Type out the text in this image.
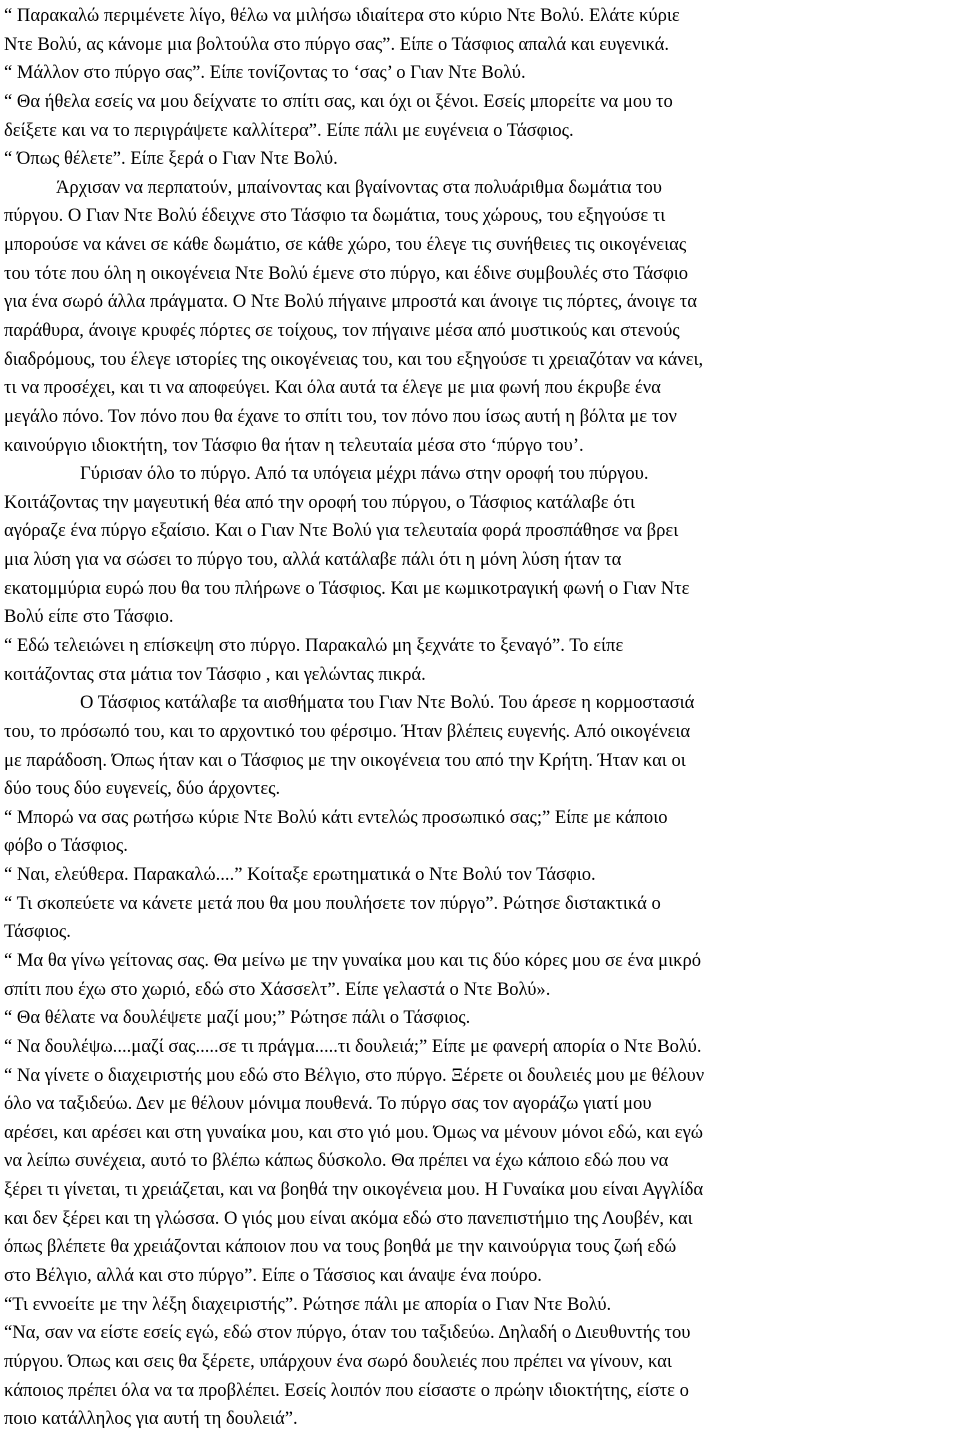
“ Παρακαλώ περιμένετε λίγο, θέλω να μιλήσω ιδιαίτερα στο κύριο Ντε Βολύ. Ελάτε κύριε
Ντε Βολύ, ας κάνομε μια βολτούλα στο πύργο σας”. Είπε ο Τάσφιος απαλά και ευγενικά.
“ Μάλλον στο πύργο σας”. Είπε τονίζοντας το ‘σας’ ο Γιαν Ντε Βολύ.
“ Θα ήθελα εσείς να μου δείχνατε το σπίτι σας, και όχι οι ξένοι. Εσείς μπορείτε να μου το
δείξετε και να το περιγράψετε καλλίτερα”. Είπε πάλι με ευγένεια ο Τάσφιος.
“ Όπως θέλετε”. Είπε ξερά ο Γιαν Ντε Βολύ.
Άρχισαν να περπατούν, μπαίνοντας και βγαίνοντας στα πολυάριθμα δωμάτια του
πύργου. Ο Γιαν Ντε Βολύ έδειχνε στο Τάσφιο τα δωμάτια, τους χώρους, του εξηγούσε τι
μπορούσε να κάνει σε κάθε δωμάτιο, σε κάθε χώρο, του έλεγε τις συνήθειες τις οικογένειας
του τότε που όλη η οικογένεια Ντε Βολύ έμενε στο πύργο, και έδινε συμβουλές στο Τάσφιο
για ένα σωρό άλλα πράγματα. Ο Ντε Βολύ πήγαινε μπροστά και άνοιγε τις πόρτες, άνοιγε τα
παράθυρα, άνοιγε κρυφές πόρτες σε τοίχους, τον πήγαινε μέσα από μυστικούς και στενούς
διαδρόμους, του έλεγε ιστορίες της οικογένειας του, και του εξηγούσε τι χρειαζόταν να κάνει,
τι να προσέχει, και τι να αποφεύγει. Και όλα αυτά τα έλεγε με μια φωνή που έκρυβε ένα
μεγάλο πόνο. Τον πόνο που θα έχανε το σπίτι του, τον πόνο που ίσως αυτή η βόλτα με τον
καινούργιο ιδιοκτήτη, τον Τάσφιο θα ήταν η τελευταία μέσα στο ‘πύργο του’.
Γύρισαν όλο το πύργο. Από τα υπόγεια μέχρι πάνω στην οροφή του πύργου.
Κοιτάζοντας την μαγευτική θέα από την οροφή του πύργου, ο Τάσφιος κατάλαβε ότι
αγόραζε ένα πύργο εξαίσιο. Και ο Γιαν Ντε Βολύ για τελευταία φορά προσπάθησε να βρει
μια λύση για να σώσει το πύργο του, αλλά κατάλαβε πάλι ότι η μόνη λύση ήταν τα
εκατομμύρια ευρώ που θα του πλήρωνε ο Τάσφιος. Και με κωμικοτραγική φωνή ο Γιαν Ντε
Βολύ είπε στο Τάσφιο.
“ Εδώ τελειώνει η επίσκεψη στο πύργο. Παρακαλώ μη ξεχνάτε το ξεναγό”. Το είπε
κοιτάζοντας στα μάτια τον Τάσφιο , και γελώντας πικρά.
Ο Τάσφιος κατάλαβε τα αισθήματα του Γιαν Ντε Βολύ. Του άρεσε η κορμοστασιά
του, το πρόσωπό του, και το αρχοντικό του φέρσιμο. Ήταν βλέπεις ευγενής. Από οικογένεια
με παράδοση. Όπως ήταν και ο Τάσφιος με την οικογένεια του από την Κρήτη. Ήταν και οι
δύο τους δύο ευγενείς, δύο άρχοντες.
“ Μπορώ να σας ρωτήσω κύριε Ντε Βολύ κάτι εντελώς προσωπικό σας;” Είπε με κάποιο
φόβο ο Τάσφιος.
“ Ναι, ελεύθερα. Παρακαλώ....” Κοίταξε ερωτηματικά ο Ντε Βολύ τον Τάσφιο.
“ Τι σκοπεύετε να κάνετε μετά που θα μου πουλήσετε τον πύργο”. Ρώτησε διστακτικά ο
Τάσφιος.
“ Μα θα γίνω γείτονας σας. Θα μείνω με την γυναίκα μου και τις δύο κόρες μου σε ένα μικρό
σπίτι που έχω στο χωριό, εδώ στο Χάσσελτ”. Είπε γελαστά ο Ντε Βολύ».
“ Θα θέλατε να δουλέψετε μαζί μου;” Ρώτησε πάλι ο Τάσφιος.
“ Να δουλέψω....μαζί σας.....σε τι πράγμα.....τι δουλειά;” Είπε με φανερή απορία ο Ντε Βολύ.
“ Να γίνετε ο διαχειριστής μου εδώ στο Βέλγιο, στο πύργο. Ξέρετε οι δουλειές μου με θέλουν
όλο να ταξιδεύω. Δεν με θέλουν μόνιμα πουθενά. Το πύργο σας τον αγοράζω γιατί μου
αρέσει, και αρέσει και στη γυναίκα μου, και στο γιό μου. Όμως να μένουν μόνοι εδώ, και εγώ
να λείπω συνέχεια, αυτό το βλέπω κάπως δύσκολο. Θα πρέπει να έχω κάποιο εδώ που να
ξέρει τι γίνεται, τι χρειάζεται, και να βοηθά την οικογένεια μου. Η Γυναίκα μου είναι Αγγλίδα
και δεν ξέρει και τη γλώσσα. Ο γιός μου είναι ακόμα εδώ στο πανεπιστήμιο της Λουβέν, και
όπως βλέπετε θα χρειάζονται κάποιον που να τους βοηθά με την καινούργια τους ζωή εδώ
στο Βέλγιο, αλλά και στο πύργο”. Είπε ο Τάσσιος και άναψε ένα πούρο.
“Τι εννοείτε με την λέξη διαχειριστής”. Ρώτησε πάλι με απορία ο Γιαν Ντε Βολύ.
“Να, σαν να είστε εσείς εγώ, εδώ στον πύργο, όταν του ταξιδεύω. Δηλαδή ο Διευθυντής του
πύργου. Όπως και σεις θα ξέρετε, υπάρχουν ένα σωρό δουλειές που πρέπει να γίνουν, και
κάποιος πρέπει όλα να τα προβλέπει. Εσείς λοιπόν που είσαστε ο πρώην ιδιοκτήτης, είστε ο
ποιο κατάλληλος για αυτή τη δουλειά”.
